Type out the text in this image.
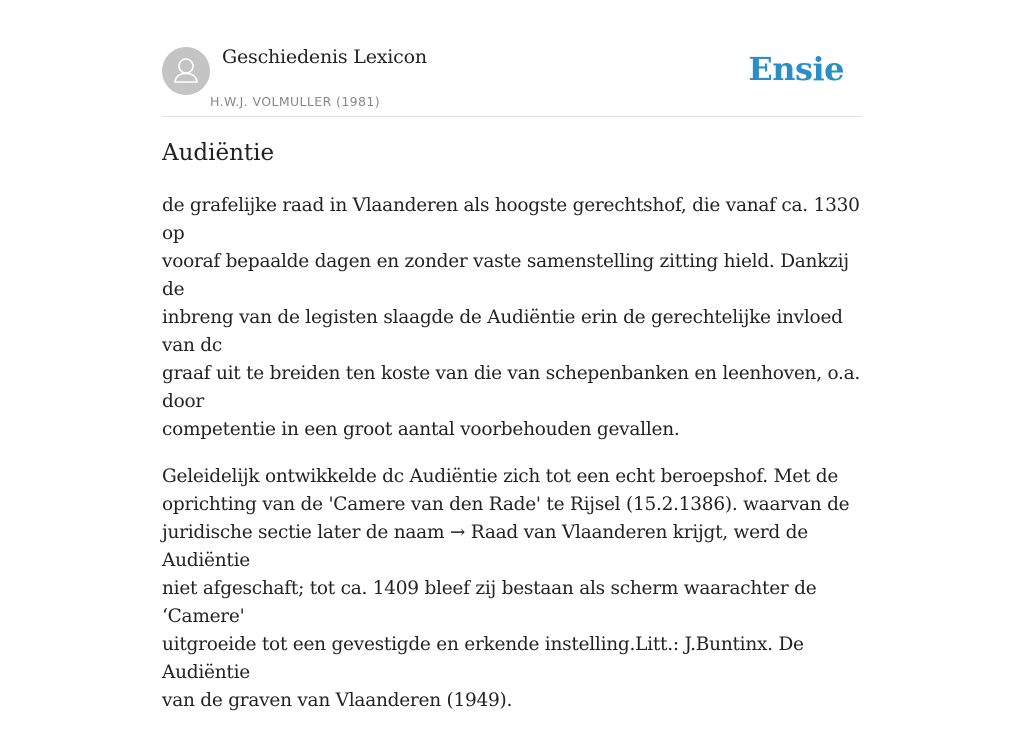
Geschiedenis Lexicon
H.W.J. VOLMULLER (1981)
Ensie
Audiëntie

de grafelijke raad in Vlaanderen als hoogste gerechtshof, die vanaf ca. 1330 op
vooraf bepaalde dagen en zonder vaste samenstelling zitting hield. Dankzij de
inbreng van de legisten slaagde de Audiëntie erin de gerechtelijke invloed van dc
graaf uit te breiden ten koste van die van schepenbanken en leenhoven, o.a. door
competentie in een groot aantal voorbehouden gevallen.

Geleidelijk ontwikkelde dc Audiëntie zich tot een echt beroepshof. Met de
oprichting van de 'Camere van den Rade' te Rijsel (15.2.1386). waarvan de
juridische sectie later de naam → Raad van Vlaanderen krijgt, werd de Audiëntie
niet afgeschaft; tot ca. 1409 bleef zij bestaan als scherm waarachter de ‘Camere'
uitgroeide tot een gevestigde en erkende instelling.Litt.: J.Buntinx. De Audiëntie
van de graven van Vlaanderen (1949).
